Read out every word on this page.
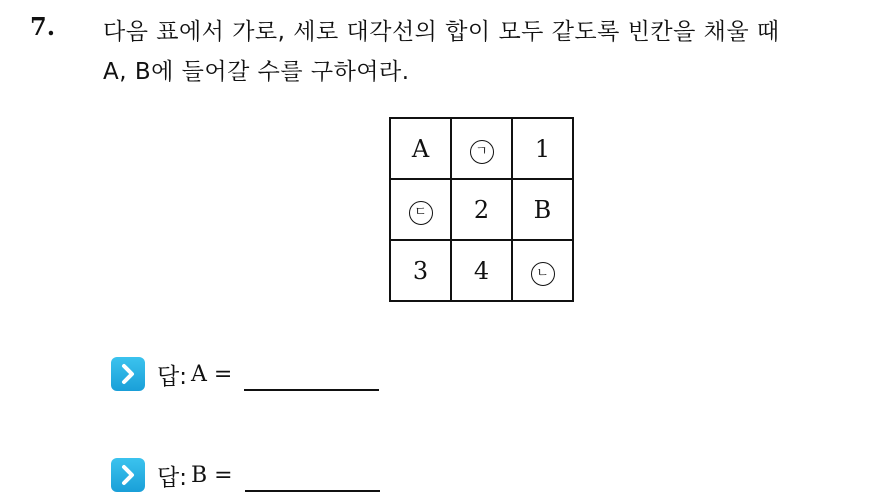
7. 다음 표에서 가로, 세로 대각선의 합이 모두 같도록 빈칸을 채울 때
A, B에 들어갈 수를 구하여라.
A	ㄱ	1
ㄷ	2	B
3	4	ㄴ
답: A =
답: B =
